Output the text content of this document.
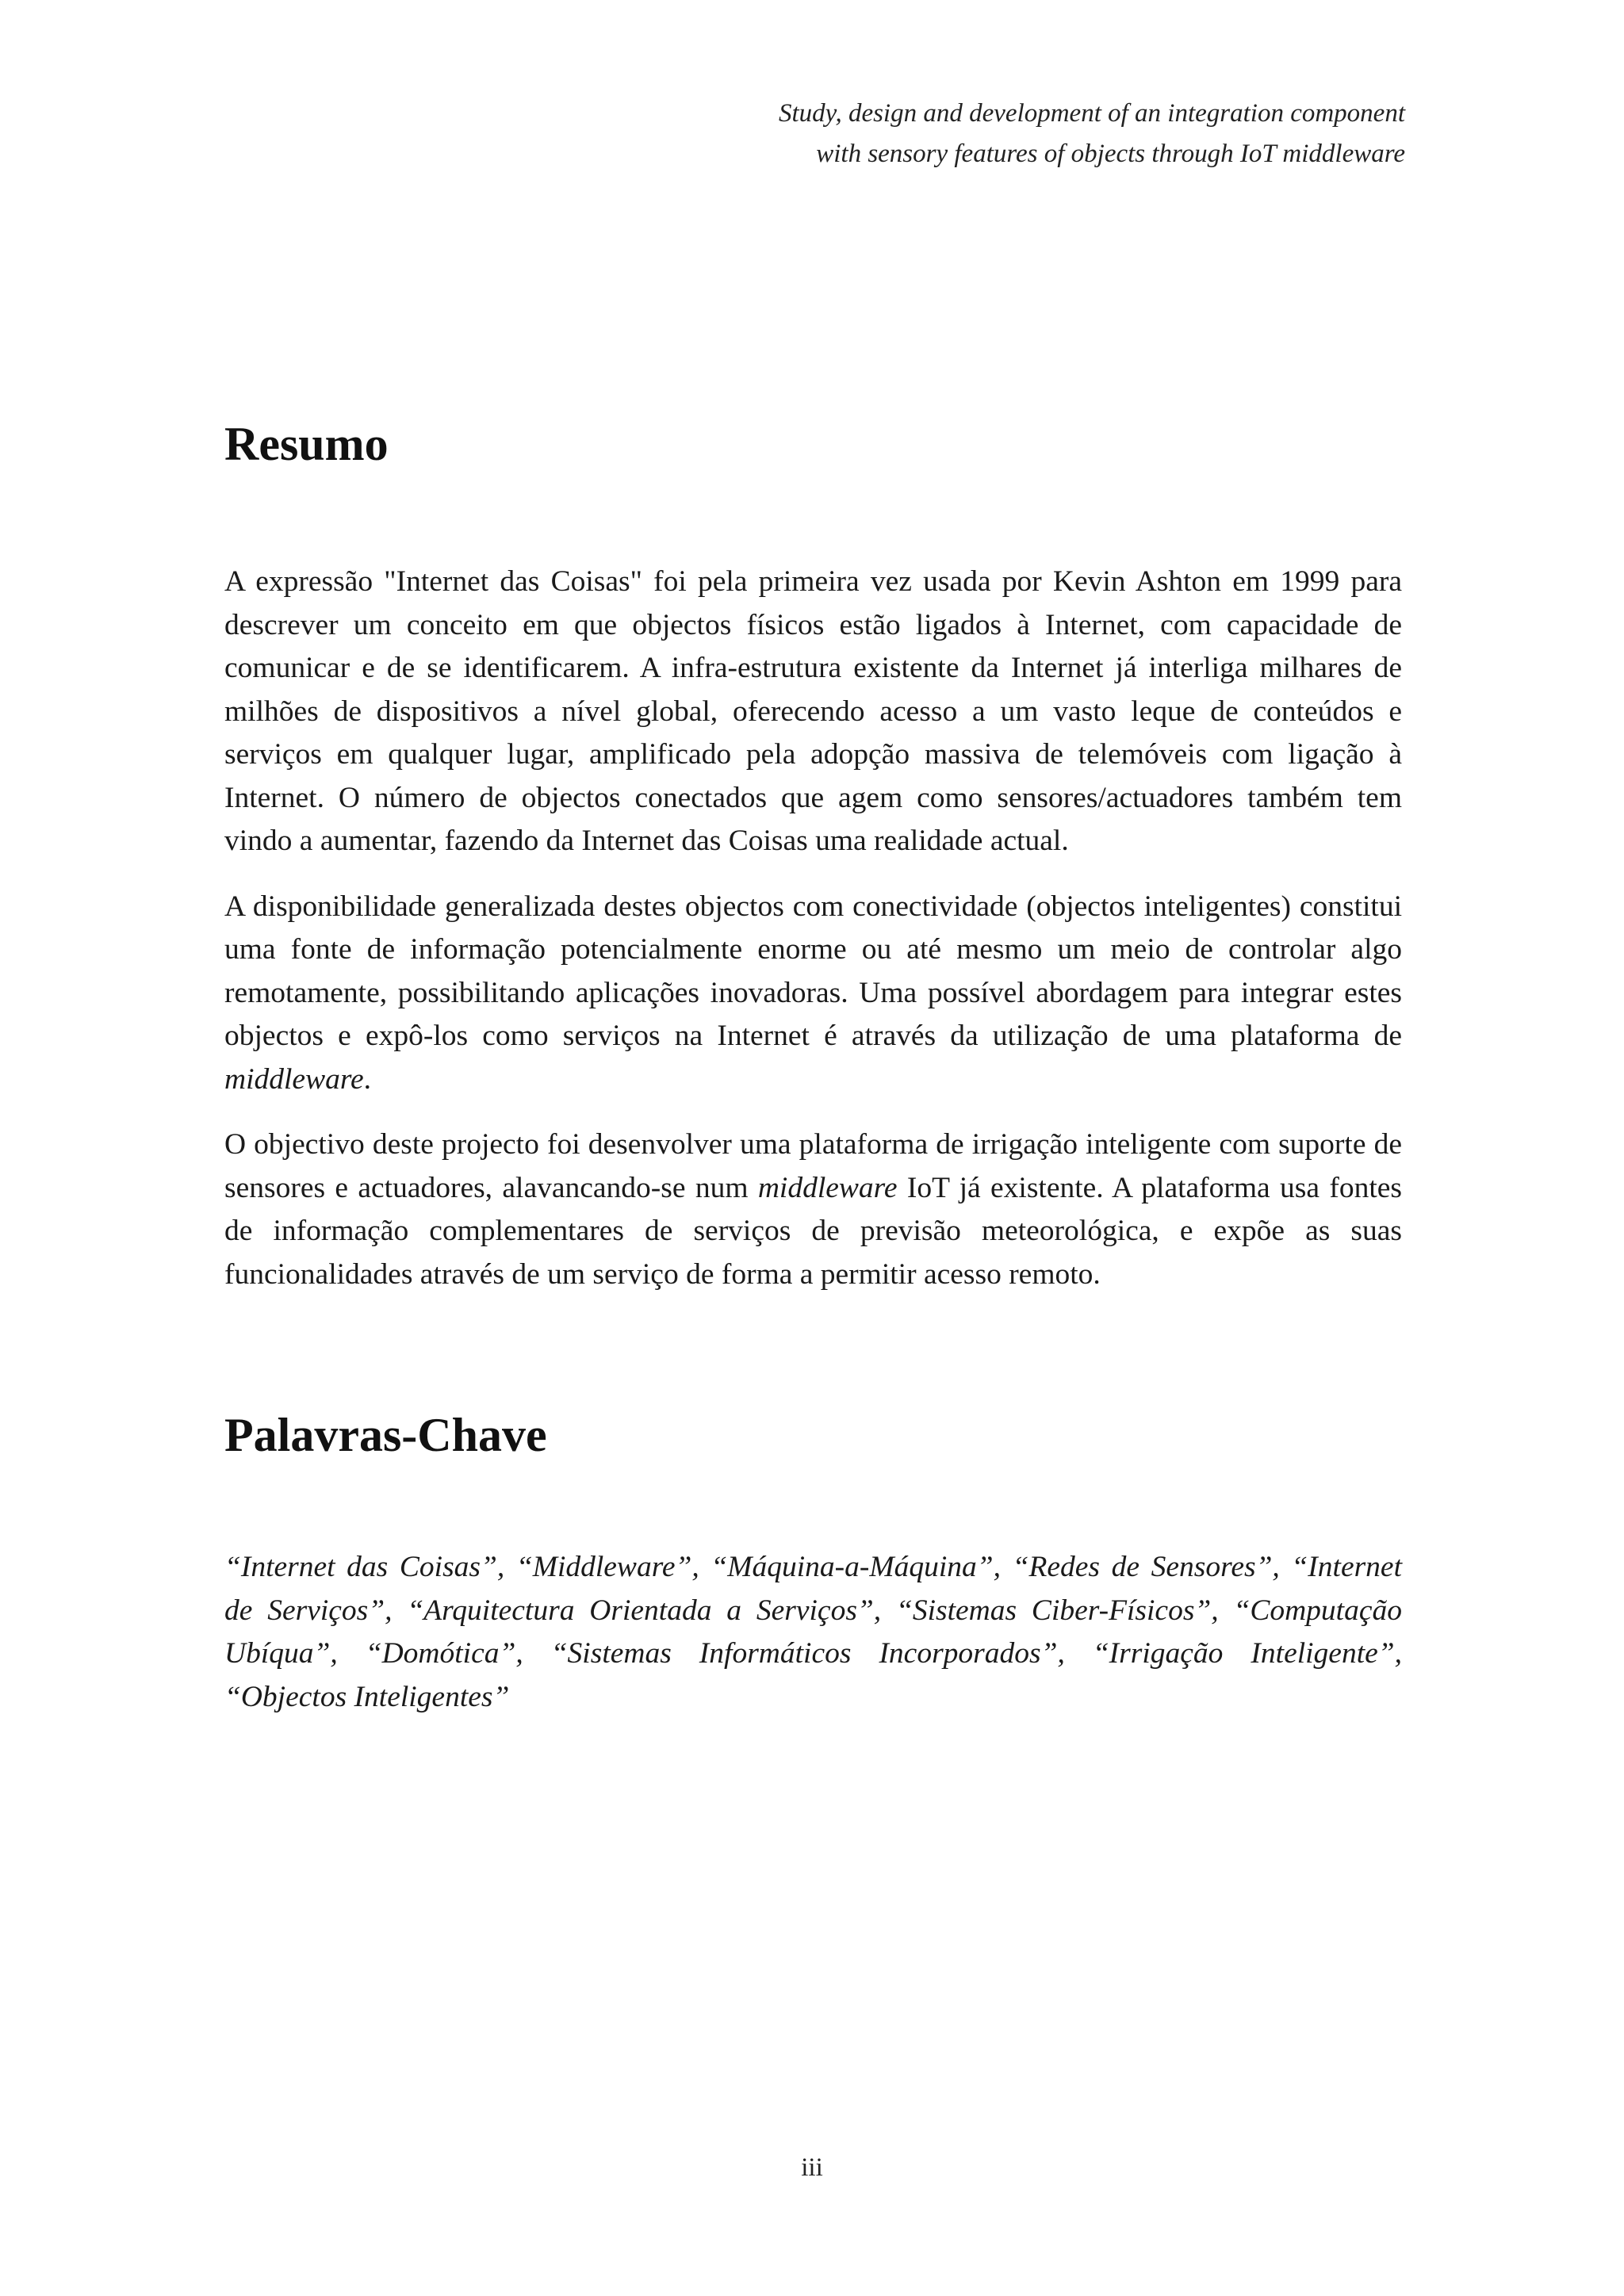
Study, design and development of an integration component
with sensory features of objects through IoT middleware
Resumo

A expressão "Internet das Coisas" foi pela primeira vez usada por Kevin Ashton em 1999 para descrever um conceito em que objectos físicos estão ligados à Internet, com capacidade de comunicar e de se identificarem. A infra-estrutura existente da Internet já interliga milhares de milhões de dispositivos a nível global, oferecendo acesso a um vasto leque de conteúdos e serviços em qualquer lugar, amplificado pela adopção massiva de telemóveis com ligação à Internet. O número de objectos conectados que agem como sensores/actuadores também tem vindo a aumentar, fazendo da Internet das Coisas uma realidade actual.

A disponibilidade generalizada destes objectos com conectividade (objectos inteligentes) constitui uma fonte de informação potencialmente enorme ou até mesmo um meio de controlar algo remotamente, possibilitando aplicações inovadoras. Uma possível abordagem para integrar estes objectos e expô-los como serviços na Internet é através da utilização de uma plataforma de middleware.

O objectivo deste projecto foi desenvolver uma plataforma de irrigação inteligente com suporte de sensores e actuadores, alavancando-se num middleware IoT já existente. A plataforma usa fontes de informação complementares de serviços de previsão meteorológica, e expõe as suas funcionalidades através de um serviço de forma a permitir acesso remoto.

Palavras-Chave

“Internet das Coisas”, “Middleware”, “Máquina-a-Máquina”, “Redes de Sensores”, “Internet de Serviços”, “Arquitectura Orientada a Serviços”, “Sistemas Ciber-Físicos”, “Computação Ubíqua”, “Domótica”, “Sistemas Informáticos Incorporados”, “Irrigação Inteligente”, “Objectos Inteligentes”

iii
